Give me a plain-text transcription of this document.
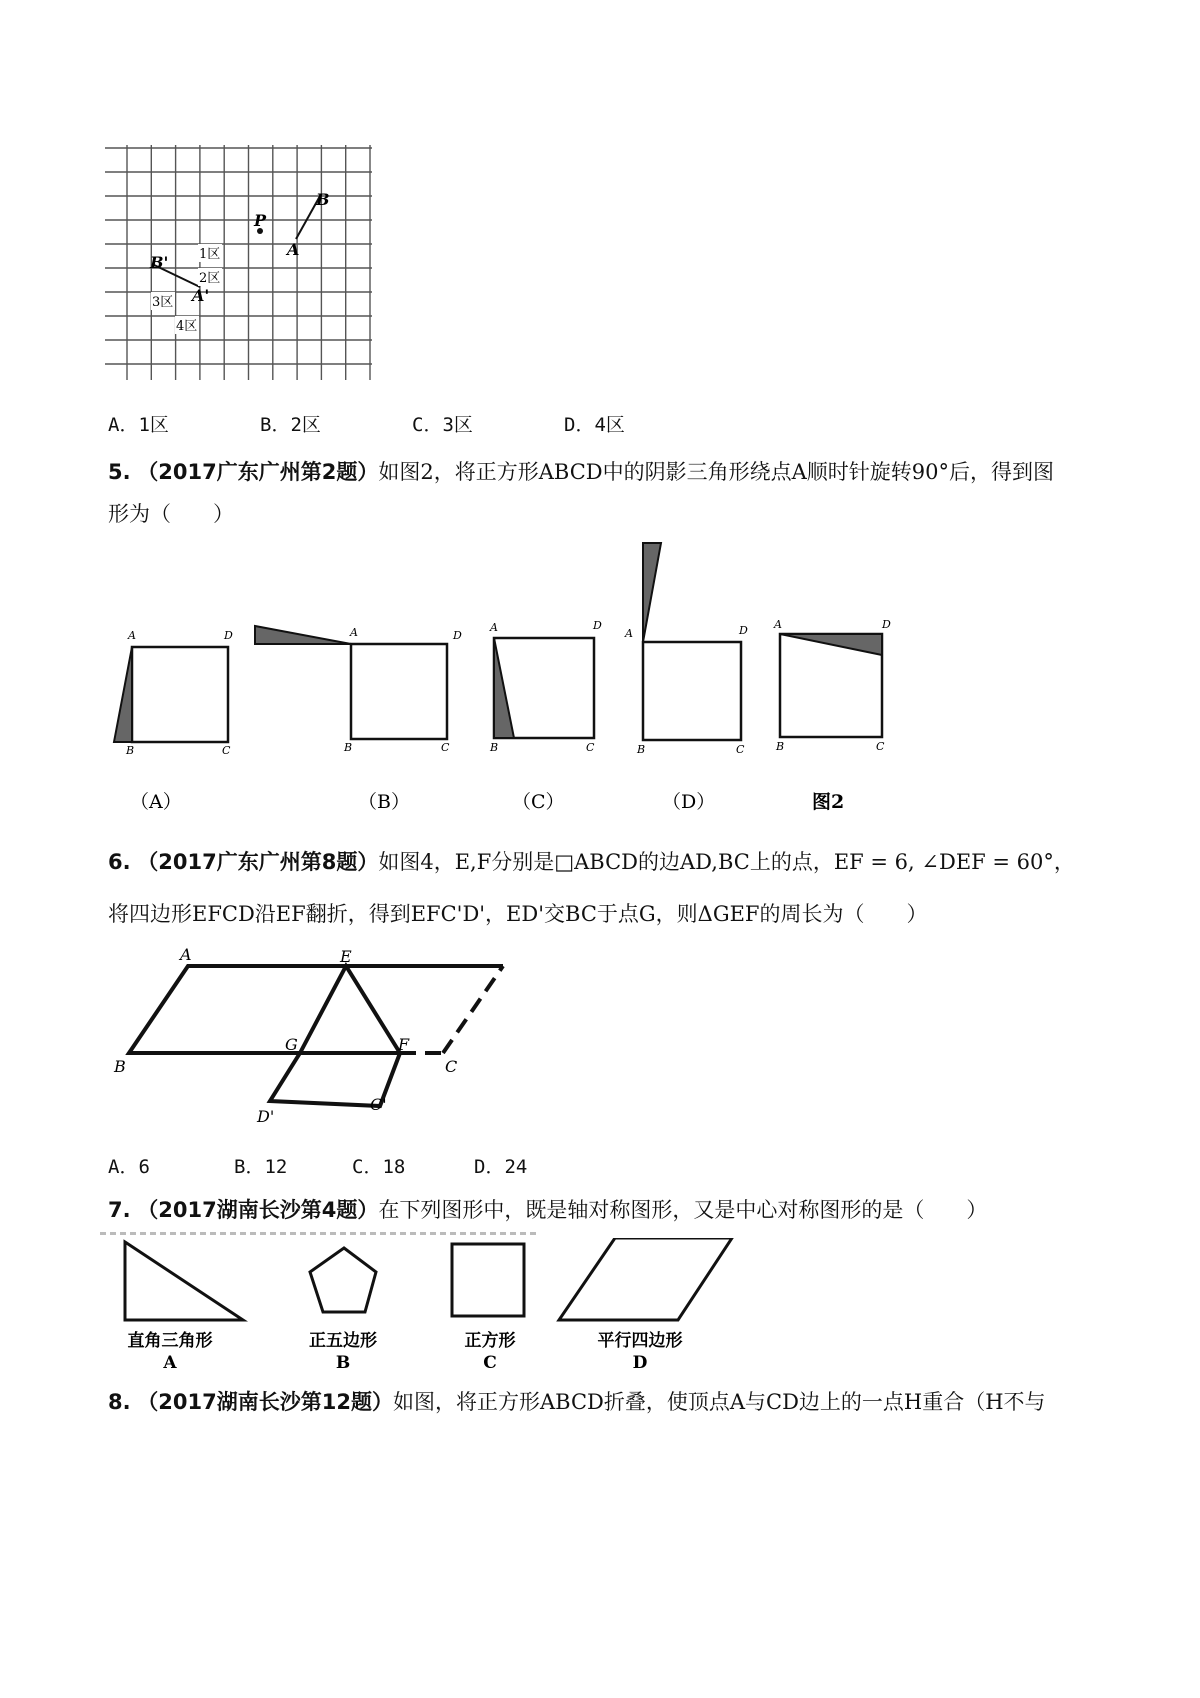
B
P
A
B'
A'
1区
2区
3区
4区
A．1区	B．2区	C．3区	D．4区
5. （2017广东广州第2题）如图2，将正方形ABCD中的阴影三角形绕点A顺时针旋转90°后，得到图
形为（　　）
A	D
B	C
A	D
B	C
A	D
B	C
A	D
B	C
A	D
B	C
（A）	（B）	（C）	（D）	图2
6. （2017广东广州第8题）如图4，E,F分别是□ABCD的边AD,BC上的点，EF = 6, ∠DEF = 60°，
将四边形EFCD沿EF翻折，得到EFC'D'，ED'交BC于点G，则ΔGEF的周长为（　　）
A	E
B
G	F
C
D'
C'
A．6	B．12	C．18	D．24
7. （2017湖南长沙第4题）在下列图形中，既是轴对称图形，又是中心对称图形的是（　　）
直角三角形
A
正五边形
B
正方形
C
平行四边形
D
8. （2017湖南长沙第12题）如图，将正方形ABCD折叠，使顶点A与CD边上的一点H重合（H不与
